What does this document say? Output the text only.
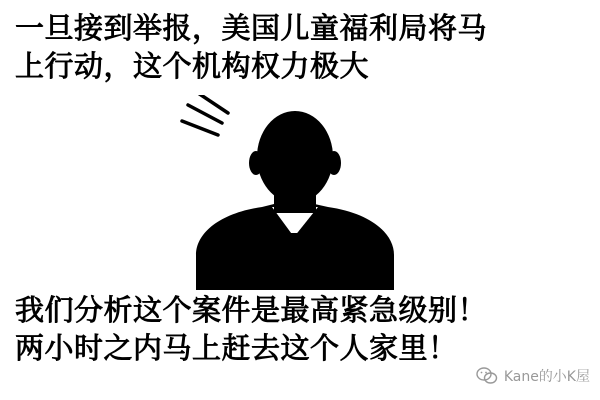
一旦接到举报，美国儿童福利局将马

上行动，这个机构权力极大

我们分析这个案件是最高紧急级别！

两小时之内马上赶去这个人家里！

Kane的小K屋
